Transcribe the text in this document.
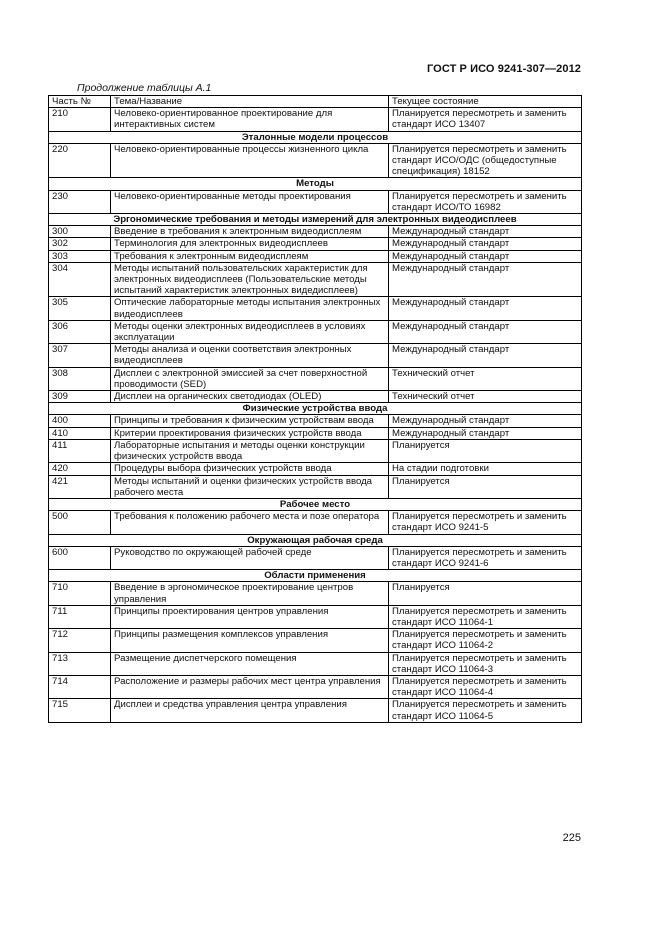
ГОСТ Р ИСО 9241-307—2012
Продолжение таблицы А.1
Часть №	Тема/Название	Текущее состояние
210	Человеко-ориентированное проектирование для интерактивных систем	Планируется пересмотреть и заменить стандарт ИСО 13407
Эталонные модели процессов		
220	Человеко-ориентированные процессы жизненного цикла	Планируется пересмотреть и заменить стандарт ИСО/ОДС (общедоступные спецификация) 18152
Методы		
230	Человеко-ориентированные методы проектирования	Планируется пересмотреть и заменить стандарт ИСО/ТО 16982
Эргономические требования и методы измерений для электронных видеодисплеев		
300	Введение в требования к электронным видеодисплеям	Международный стандарт
302	Терминология для электронных видеодисплеев	Международный стандарт
303	Требования к электронным видеодисплеям	Международный стандарт
304	Методы испытаний пользовательских характеристик для электронных видеодисплеев (Пользовательские методы испытаний характеристик электронных видедисплеев)	Международный стандарт
305	Оптические лабораторные методы испытания электронных видеодисплеев	Международный стандарт
306	Методы оценки электронных видеодисплеев в условиях эксплуатации	Международный стандарт
307	Методы анализа и оценки соответствия электронных видеодисплеев	Международный стандарт
308	Дисплеи с электронной эмиссией за счет поверхностной проводимости (SED)	Технический отчет
309	Дисплеи на органических светодиодах (OLED)	Технический отчет
Физические устройства ввода		
400	Принципы и требования к физическим устройствам ввода	Международный стандарт
410	Критерии проектирования физических устройств ввода	Международный стандарт
411	Лабораторные испытания и методы оценки конструкции физических устройств ввода	Планируется
420	Процедуры выбора физических устройств ввода	На стадии подготовки
421	Методы испытаний и оценки физических устройств ввода рабочего места	Планируется
Рабочее место		
500	Требования к положению рабочего места и позе оператора	Планируется пересмотреть и заменить стандарт ИСО 9241-5
Окружающая рабочая среда		
600	Руководство по окружающей рабочей среде	Планируется пересмотреть и заменить стандарт ИСО 9241-6
Области применения		
710	Введение в эргономическое проектирование центров управления	Планируется
711	Принципы проектирования центров управления	Планируется пересмотреть и заменить стандарт ИСО 11064-1
712	Принципы размещения комплексов управления	Планируется пересмотреть и заменить стандарт ИСО 11064-2
713	Размещение диспетчерского помещения	Планируется пересмотреть и заменить стандарт ИСО 11064-3
714	Расположение и размеры рабочих мест центра управления	Планируется пересмотреть и заменить стандарт ИСО 11064-4
715	Дисплеи и средства управления центра управления	Планируется пересмотреть и заменить стандарт ИСО 11064-5
225
